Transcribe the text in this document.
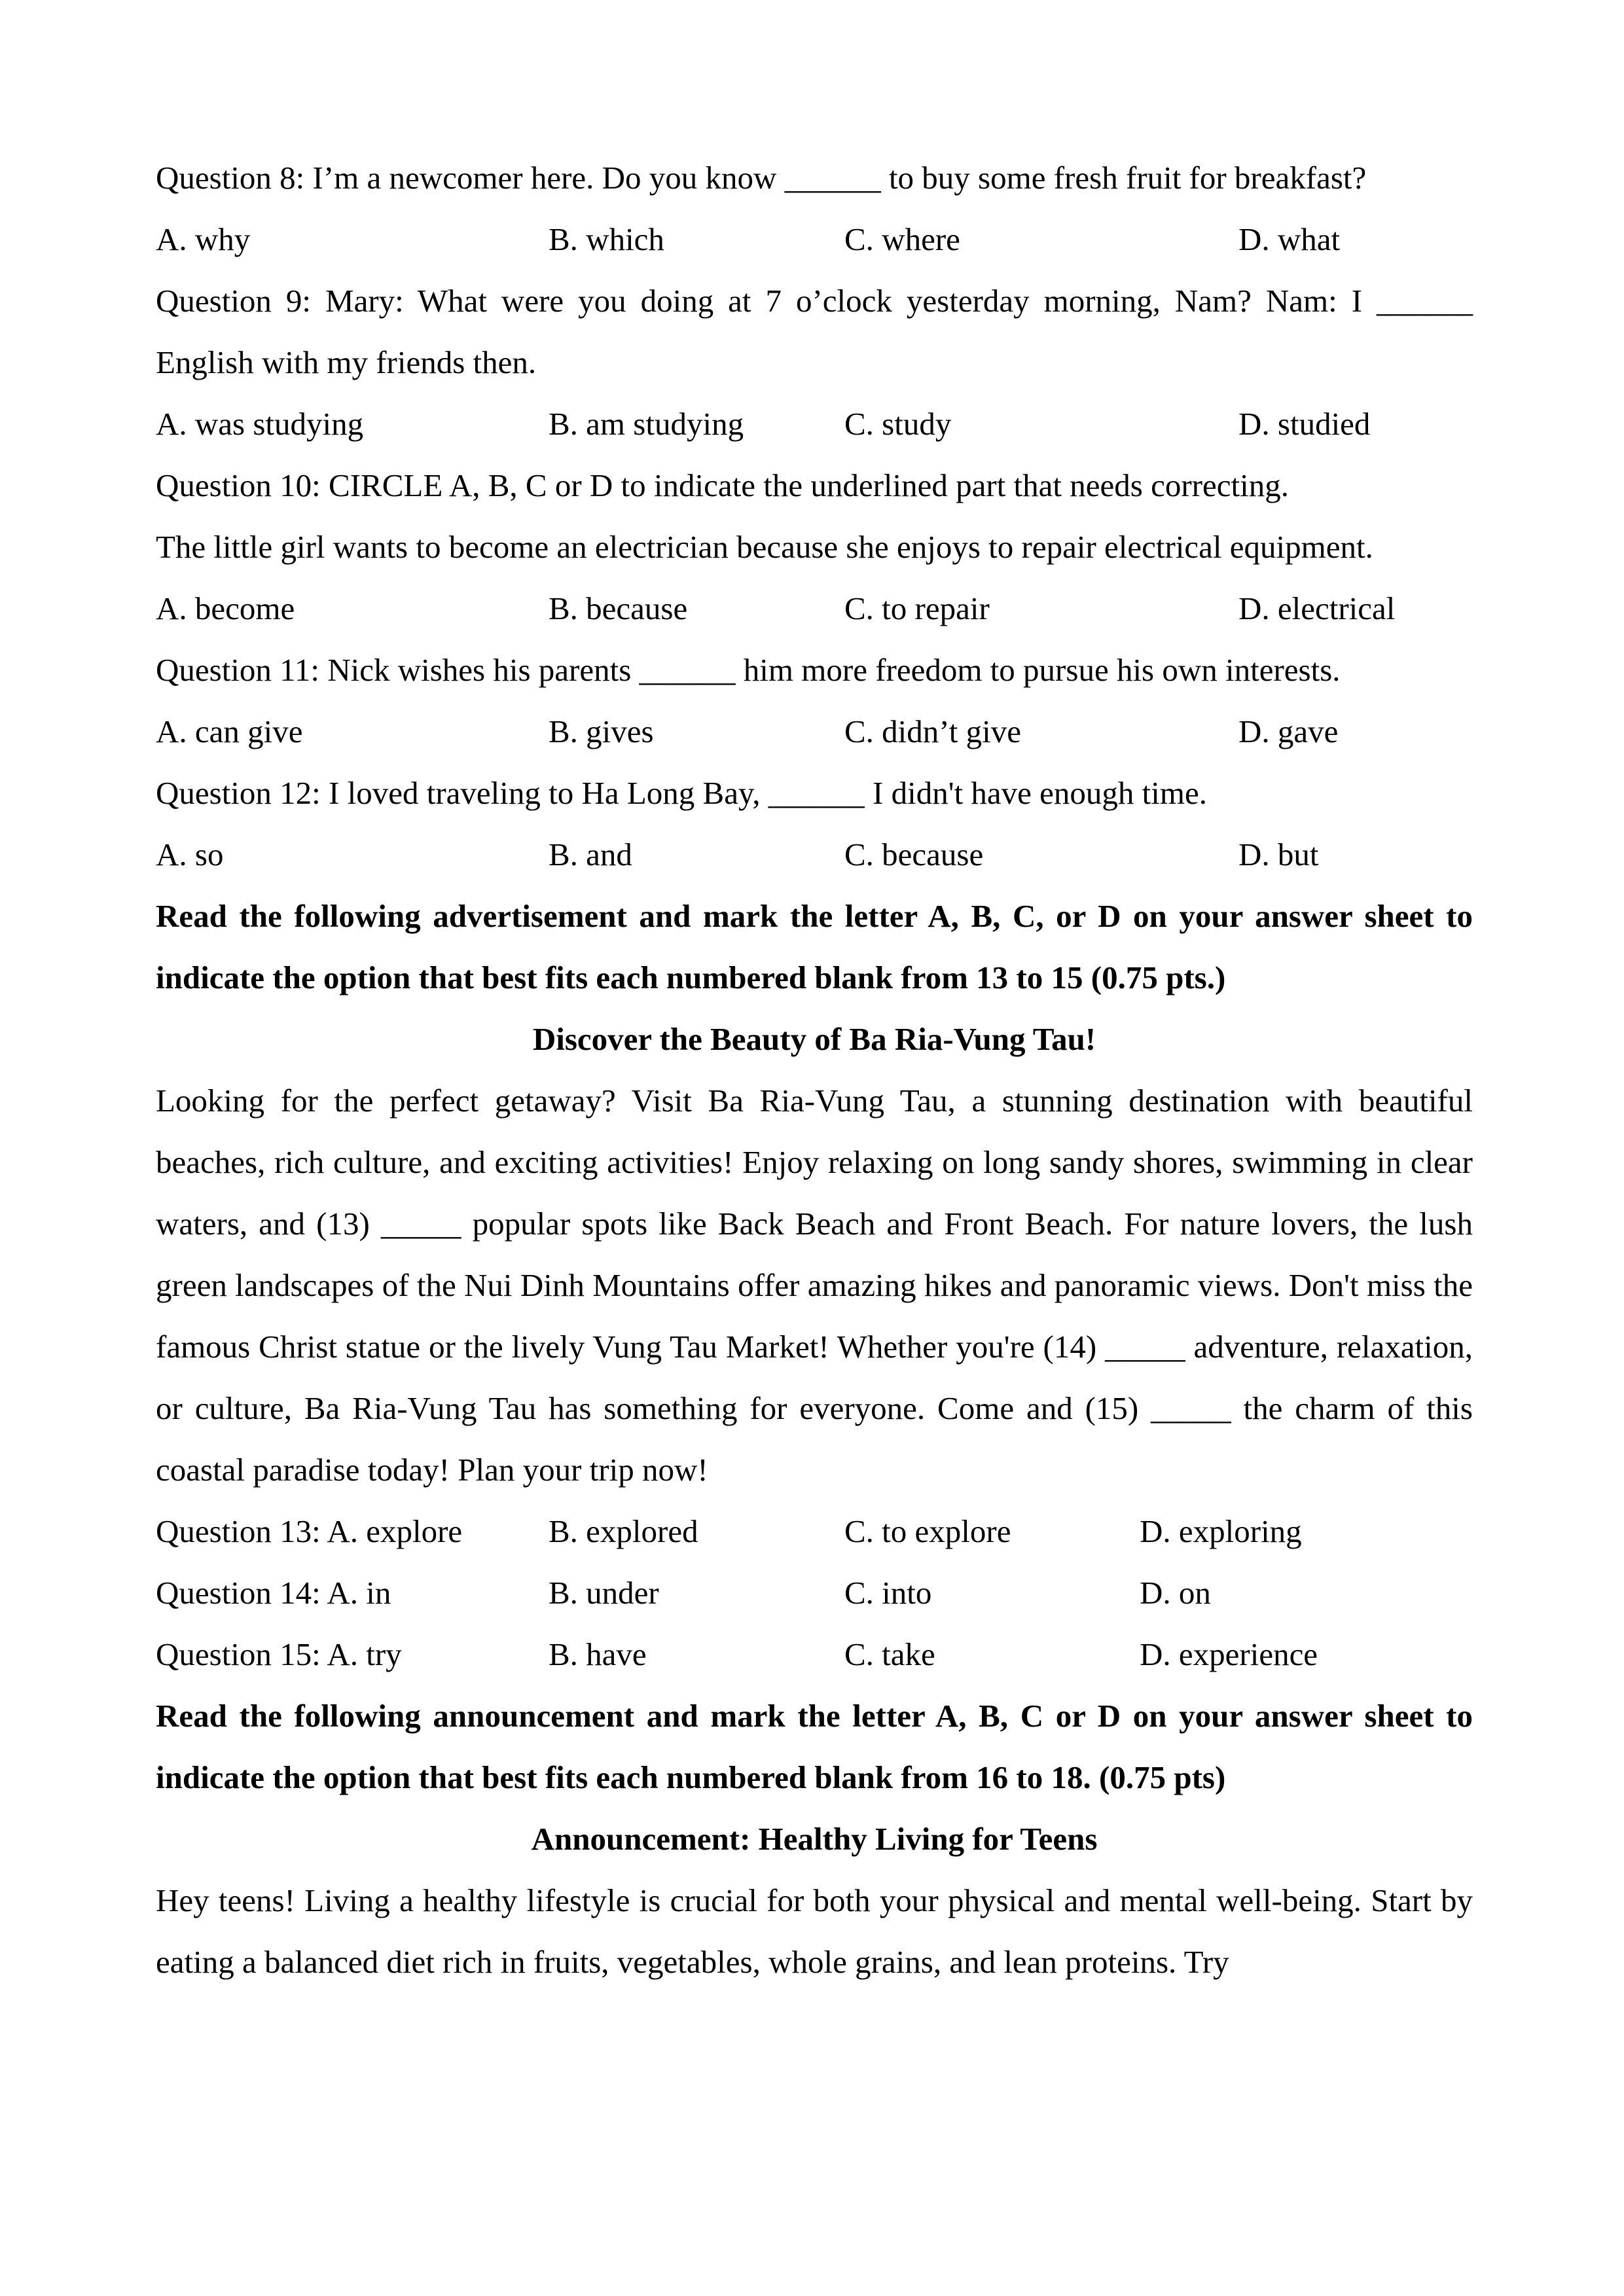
Question 8: I’m a newcomer here. Do you know ______ to buy some fresh fruit for breakfast?
A. why	B. which	C. where	D. what
Question 9: Mary: What were you doing at 7 o’clock yesterday morning, Nam? Nam: I ______ English with my friends then.
A. was studying	B. am studying	C. study	D. studied
Question 10: CIRCLE A, B, C or D to indicate the underlined part that needs correcting.
The little girl wants to become an electrician because she enjoys to repair electrical equipment.
A. become	B. because	C. to repair	D. electrical
Question 11: Nick wishes his parents ______ him more freedom to pursue his own interests.
A. can give	B. gives	C. didn’t give	D. gave
Question 12: I loved traveling to Ha Long Bay, ______ I didn't have enough time.
A. so	B. and	C. because	D. but
Read the following advertisement and mark the letter A, B, C, or D on your answer sheet to indicate the option that best fits each numbered blank from 13 to 15 (0.75 pts.)
Discover the Beauty of Ba Ria-Vung Tau!
Looking for the perfect getaway? Visit Ba Ria-Vung Tau, a stunning destination with beautiful beaches, rich culture, and exciting activities! Enjoy relaxing on long sandy shores, swimming in clear waters, and (13) _____ popular spots like Back Beach and Front Beach. For nature lovers, the lush green landscapes of the Nui Dinh Mountains offer amazing hikes and panoramic views. Don't miss the famous Christ statue or the lively Vung Tau Market! Whether you're (14) _____ adventure, relaxation, or culture, Ba Ria-Vung Tau has something for everyone. Come and (15) _____ the charm of this coastal paradise today! Plan your trip now!
Question 13: A. explore	B. explored	C. to explore	D. exploring
Question 14: A. in	B. under	C. into	D. on
Question 15: A. try	B. have	C. take	D. experience
Read the following announcement and mark the letter A, B, C or D on your answer sheet to indicate the option that best fits each numbered blank from 16 to 18. (0.75 pts)
Announcement: Healthy Living for Teens
Hey teens! Living a healthy lifestyle is crucial for both your physical and mental well-being. Start by eating a balanced diet rich in fruits, vegetables, whole grains, and lean proteins. Try
